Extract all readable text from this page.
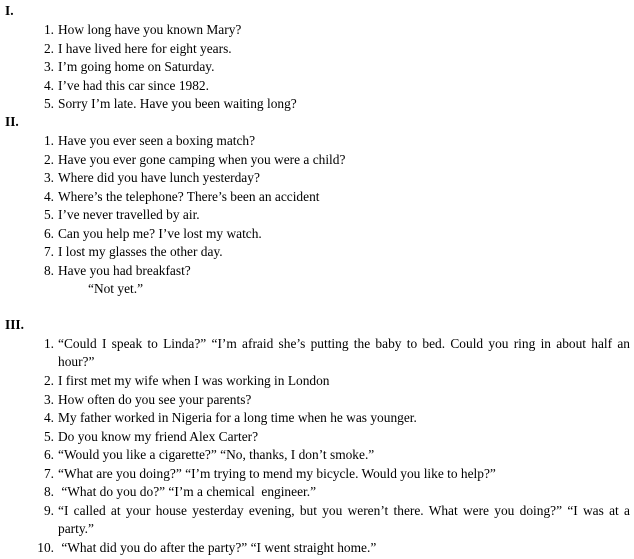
I.
1. How long have you known Mary?
2. I have lived here for eight years.
3. I’m going home on Saturday.
4. I’ve had this car since 1982.
5. Sorry I’m late. Have you been waiting long?
II.
1. Have you ever seen a boxing match?
2. Have you ever gone camping when you were a child?
3. Where did you have lunch yesterday?
4. Where’s the telephone? There’s been an accident
5. I’ve never travelled by air.
6. Can you help me? I’ve lost my watch.
7. I lost my glasses the other day.
8. Have you had breakfast?
“Not yet.”
III.
1. “Could I speak to Linda?” “I’m afraid she’s putting the baby to bed. Could you ring in about half an hour?”
2. I first met my wife when I was working in London
3. How often do you see your parents?
4. My father worked in Nigeria for a long time when he was younger.
5. Do you know my friend Alex Carter?
6. “Would you like a cigarette?” “No, thanks, I don’t smoke.”
7. “What are you doing?” “I’m trying to mend my bicycle. Would you like to help?”
8. “What do you do?” “I’m a chemical  engineer.”
9. “I called at your house yesterday evening, but you weren’t there. What were you doing?” “I was at a party.”
10. “What did you do after the party?” “I went straight home.”
